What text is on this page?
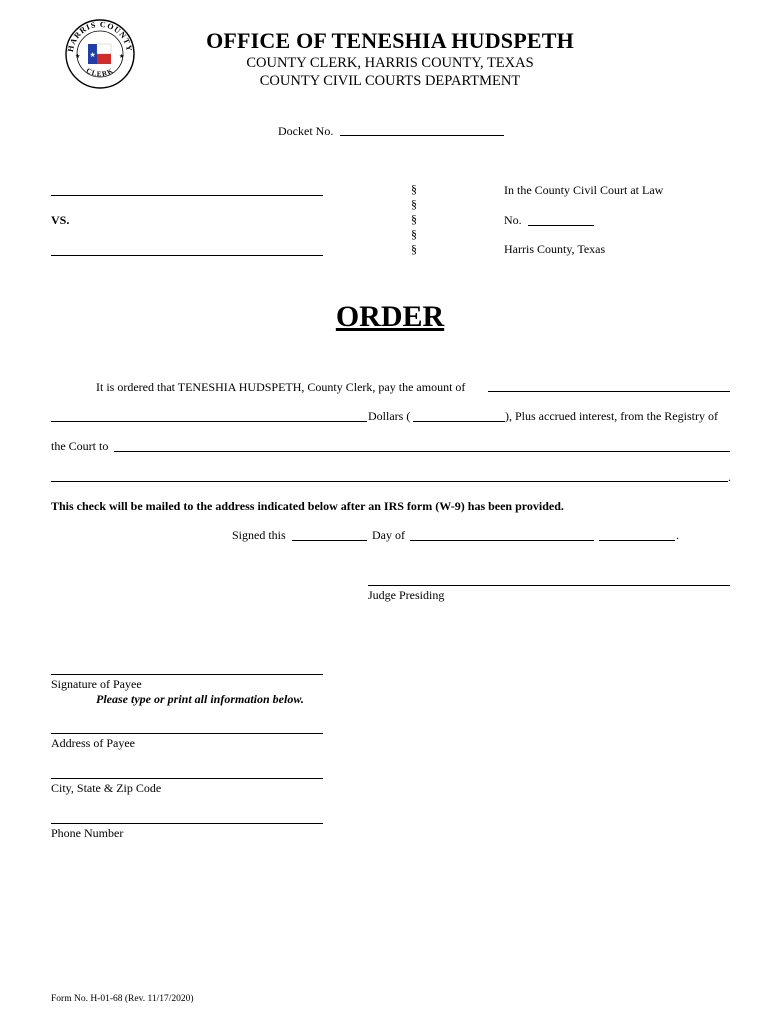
HARRIS COUNTY
CLERK
★	★
★
OFFICE OF TENESHIA HUDSPETH
COUNTY CLERK, HARRIS COUNTY, TEXAS
COUNTY CIVIL COURTS DEPARTMENT
Docket No.
VS.
§
§
§
§
§
In the County Civil Court at Law
No.
Harris County, Texas
ORDER
It is ordered that TENESHIA HUDSPETH, County Clerk, pay the amount of
Dollars (	), Plus accrued interest, from the Registry of
the Court to
.
This check will be mailed to the address indicated below after an IRS form (W-9) has been provided.
Signed this	Day of	.
Judge Presiding
Signature of Payee
Please type or print all information below.
Address of Payee
City, State & Zip Code
Phone Number
Form No. H-01-68 (Rev. 11/17/2020)
